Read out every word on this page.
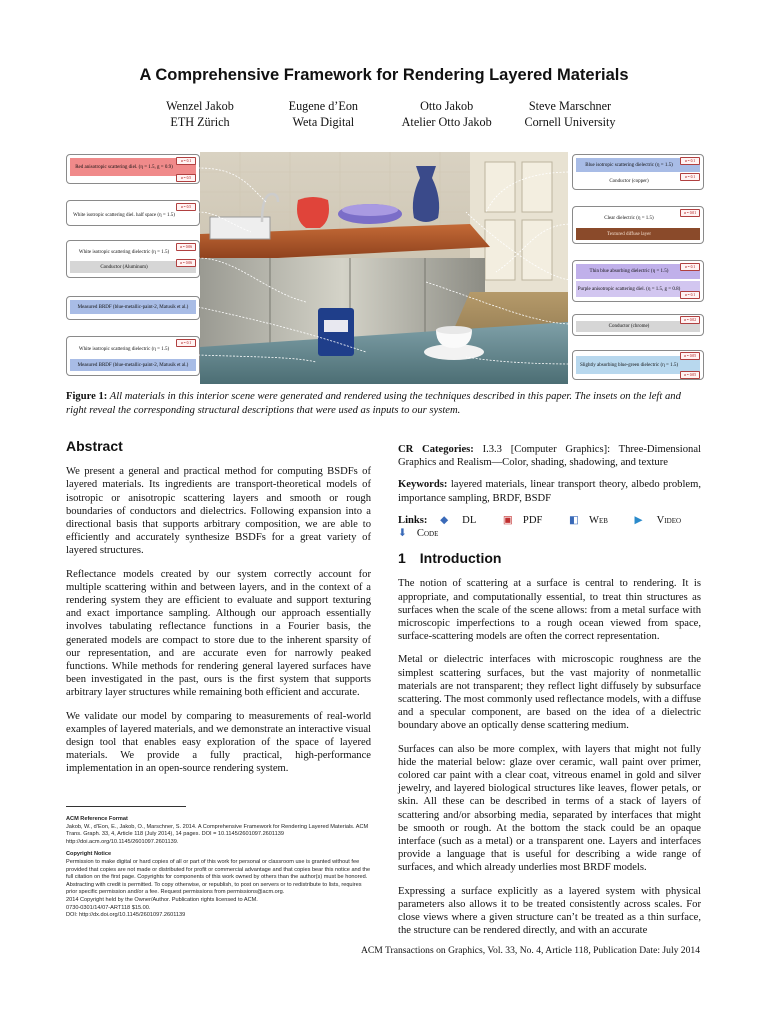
A Comprehensive Framework for Rendering Layered Materials
Wenzel Jakob
ETH Zürich
Eugene d’Eon
Weta Digital
Otto Jakob
Atelier Otto Jakob
Steve Marschner
Cornell University
Red anisotropic scattering diel. (η = 1.5, g = 0.9)
α = 0.1
α = 0.5
White isotropic scattering diel. half space (η = 1.5)
α = 0.5
White isotropic scattering dielectric (η = 1.5)
Conductor (Aluminum)
α = 0.06
α = 0.06
Measured BRDF (blue-metallic-paint-2, Matusik et al.)
White isotropic scattering dielectric (η = 1.5)
Measured BRDF (blue-metallic-paint-2, Matusik et al.)
α = 0.1
Blue isotropic scattering dielectric (η = 1.5)
Conductor (copper)
α = 0.1
α = 0.1
Clear dielectric (η = 1.5)
Textured diffuse layer
α = 0.01
Thin blue absorbing dielectric (η = 1.5)
Purple anisotropic scattering diel. (η = 1.5, g = 0.8)
α = 0.1
α = 0.1
Conductor (chrome)
α = 0.02
Slightly absorbing blue-green dielectric (η = 1.5)
α = 0.05
α = 0.05
Figure 1: All materials in this interior scene were generated and rendered using the techniques described in this paper. The insets on the left and right reveal the corresponding structural descriptions that were used as inputs to our system.
Abstract

We present a general and practical method for computing BSDFs of layered materials. Its ingredients are transport-theoretical models of isotropic or anisotropic scattering layers and smooth or rough boundaries of conductors and dielectrics. Following expansion into a directional basis that supports arbitrary composition, we are able to efficiently and accurately synthesize BSDFs for a great variety of layered structures.

Reflectance models created by our system correctly account for multiple scattering within and between layers, and in the context of a rendering system they are efficient to evaluate and support texturing and exact importance sampling. Although our approach essentially involves tabulating reflectance functions in a Fourier basis, the generated models are compact to store due to the inherent sparsity of our representation, and are accurate even for narrowly peaked functions. While methods for rendering general layered surfaces have been investigated in the past, ours is the first system that supports arbitrary layer structures while remaining both efficient and accurate.

We validate our model by comparing to measurements of real-world examples of layered materials, and we demonstrate an interactive visual design tool that enables easy exploration of the space of layered materials. We provide a fully practical, high-performance implementation in an open-source rendering system.

ACM Reference Format
Jakob, W., d’Eon, E., Jakob, O., Marschner, S. 2014. A Comprehensive Framework for Rendering Layered Materials. ACM Trans. Graph. 33, 4, Article 118 (July 2014), 14 pages. DOI = 10.1145/2601097.2601139 http://doi.acm.org/10.1145/2601097.2601139.
Copyright Notice
Permission to make digital or hard copies of all or part of this work for personal or classroom use is granted without fee provided that copies are not made or distributed for profit or commercial advantage and that copies bear this notice and the full citation on the first page. Copyrights for components of this work owned by others than the author(s) must be honored. Abstracting with credit is permitted. To copy otherwise, or republish, to post on servers or to redistribute to lists, requires prior specific permission and/or a fee. Request permissions from permissions@acm.org.
2014 Copyright held by the Owner/Author. Publication rights licensed to ACM.
0730-0301/14/07-ART118 $15.00.
DOI: http://dx.doi.org/10.1145/2601097.2601139

CR Categories: I.3.3 [Computer Graphics]: Three-Dimensional Graphics and Realism—Color, shading, shadowing, and texture

Keywords: layered materials, linear transport theory, albedo problem, importance sampling, BRDF, BSDF

Links: ◆ DL	▣ PDF	◧ Web	▶ Video ⬇ Code

1 Introduction

The notion of scattering at a surface is central to rendering. It is appropriate, and computationally essential, to treat thin structures as surfaces when the scale of the scene allows: from a metal surface with microscopic imperfections to a rough ocean viewed from space, surface-scattering models are often the correct representation.

Metal or dielectric interfaces with microscopic roughness are the simplest scattering surfaces, but the vast majority of nonmetallic materials are not transparent; they reflect light diffusely by subsurface scattering. The most commonly used reflectance models, with a diffuse and a specular component, are based on the idea of a dielectric boundary above an optically dense scattering medium.

Surfaces can also be more complex, with layers that might not fully hide the material below: glaze over ceramic, wall paint over primer, colored car paint with a clear coat, vitreous enamel in gold and silver jewelry, and layered biological structures like leaves, flower petals, or skin. All these can be described in terms of a stack of layers of scattering and/or absorbing media, separated by interfaces that might be smooth or rough. At the bottom the stack could be an opaque interface (such as a metal) or a transparent one. Layers and interfaces provide a language that is useful for describing a wide range of surfaces, and which already underlies most BRDF models.

Expressing a surface explicitly as a layered system with physical parameters also allows it to be treated consistently across scales. For close views where a given structure can’t be treated as a thin surface, the structure can be rendered directly, and with an accurate

ACM Transactions on Graphics, Vol. 33, No. 4, Article 118, Publication Date: July 2014
